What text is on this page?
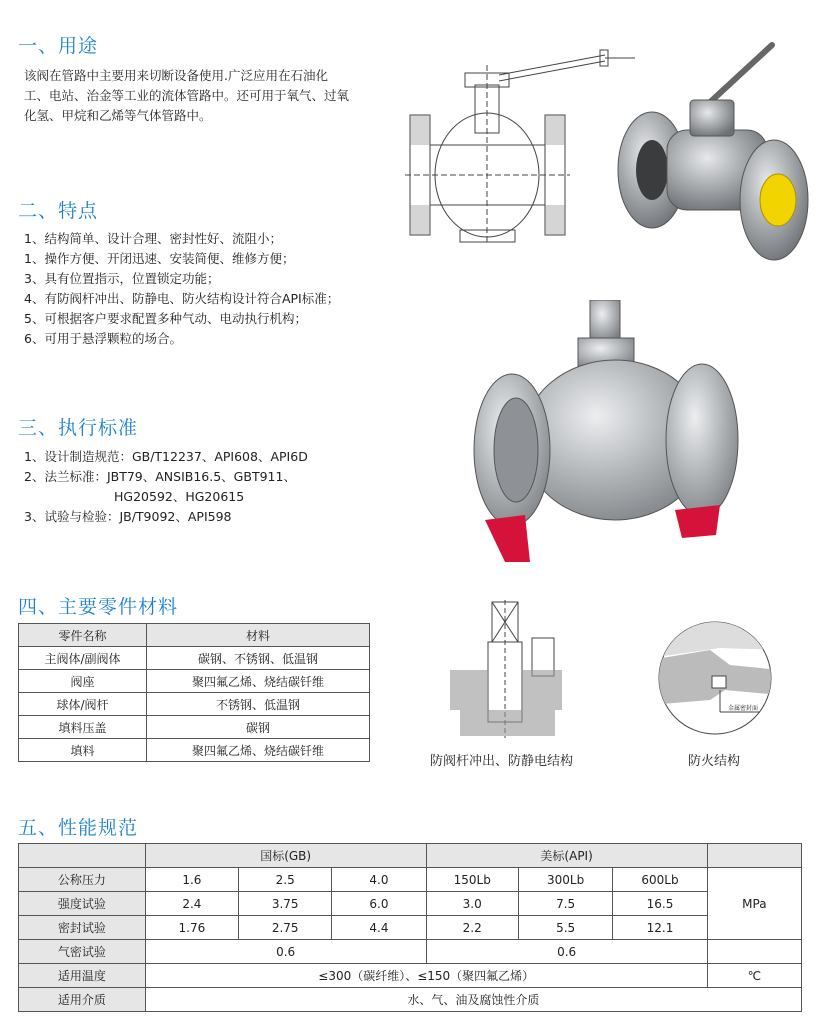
一、用途
该阀在管路中主要用来切断设备使用.广泛应用在石油化
工、电站、治金等工业的流体管路中。还可用于氧气、过氧
化氢、甲烷和乙烯等气体管路中。
二、特点
1、结构简单、设计合理、密封性好、流阻小；
1、操作方便、开闭迅速、安装简便、维修方便；
3、具有位置指示，位置锁定功能；
4、有防阀杆冲出、防静电、防火结构设计符合API标准；
5、可根据客户要求配置多种气动、电动执行机构；
6、可用于悬浮颗粒的场合。
三、执行标准
1、设计制造规范：GB/T12237、API608、API6D
2、法兰标准：JBT79、ANSIB16.5、GBT911、
HG20592、HG20615
3、试验与检验：JB/T9092、API598
四、主要零件材料
零件名称	材料
主阀体/副阀体	碳钢、不锈钢、低温钢
阀座	聚四氟乙烯、烧结碳钎维
球体/阀杆	不锈钢、低温钢
填料压盖	碳钢
填料	聚四氟乙烯、烧结碳钎维
五、性能规范
	国标(GB)			美标(API)			
公称压力	1.6	2.5	4.0	150Lb	300Lb	600Lb	MPa
强度试验	2.4	3.75	6.0	3.0	7.5	16.5	
密封试验	1.76	2.75	4.4	2.2	5.5	12.1	
气密试验	0.6			0.6			
适用温度	≤300（碳纤维）、≤150（聚四氟乙烯）						℃
适用介质	水、气、油及腐蚀性介质						
金属密封面
防阀杆冲出、防静电结构	防火结构
